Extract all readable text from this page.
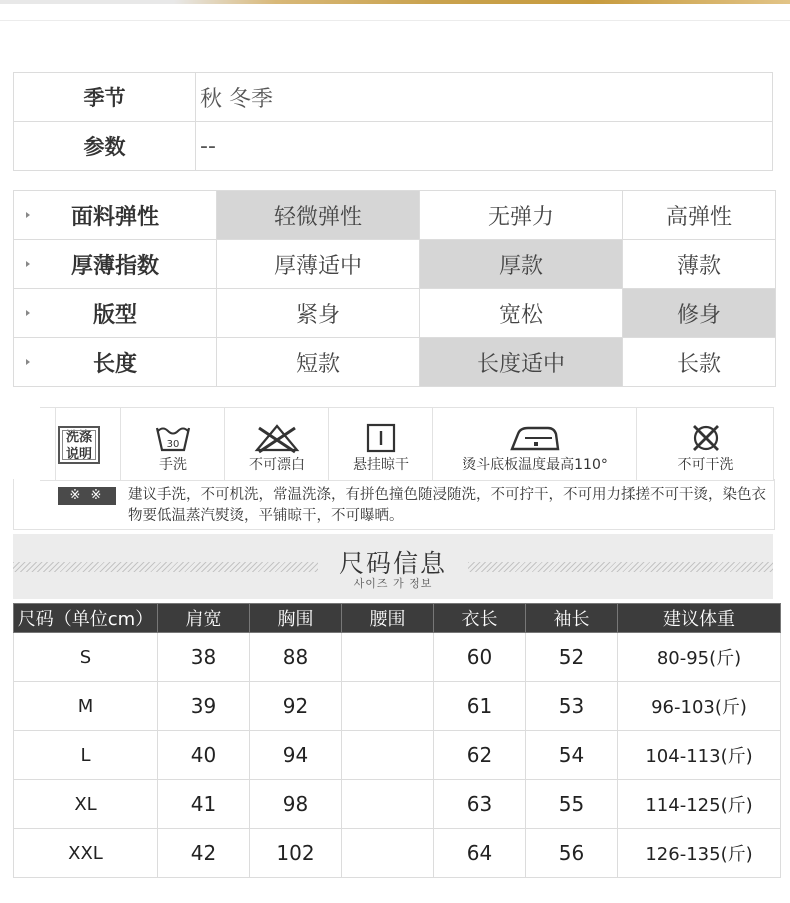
季节	秋 冬季
参数	--
面料弹性	轻微弹性	无弹力	高弹性

厚薄指数	厚薄适中	厚款	薄款

版型	紧身	宽松	修身

长度	短款	长度适中	长款
洗涤
说明
30
手洗	不可漂白	悬挂晾干	烫斗底板温度最高110°	不可干洗
※ ※	建议手洗，不可机洗，常温洗涤，有拼色撞色随浸随洗，不可拧干，不可用力揉搓不可干烫，染色衣物要低温蒸汽熨烫，平铺晾干，不可曝晒。
尺码信息
사이즈 가 정보
尺码（单位cm）	肩宽	胸围	腰围	衣长	袖长	建议体重
S	38	88		60	52	80-95(斤)
M	39	92		61	53	96-103(斤)
L	40	94		62	54	104-113(斤)
XL	41	98		63	55	114-125(斤)
XXL	42	102		64	56	126-135(斤)
